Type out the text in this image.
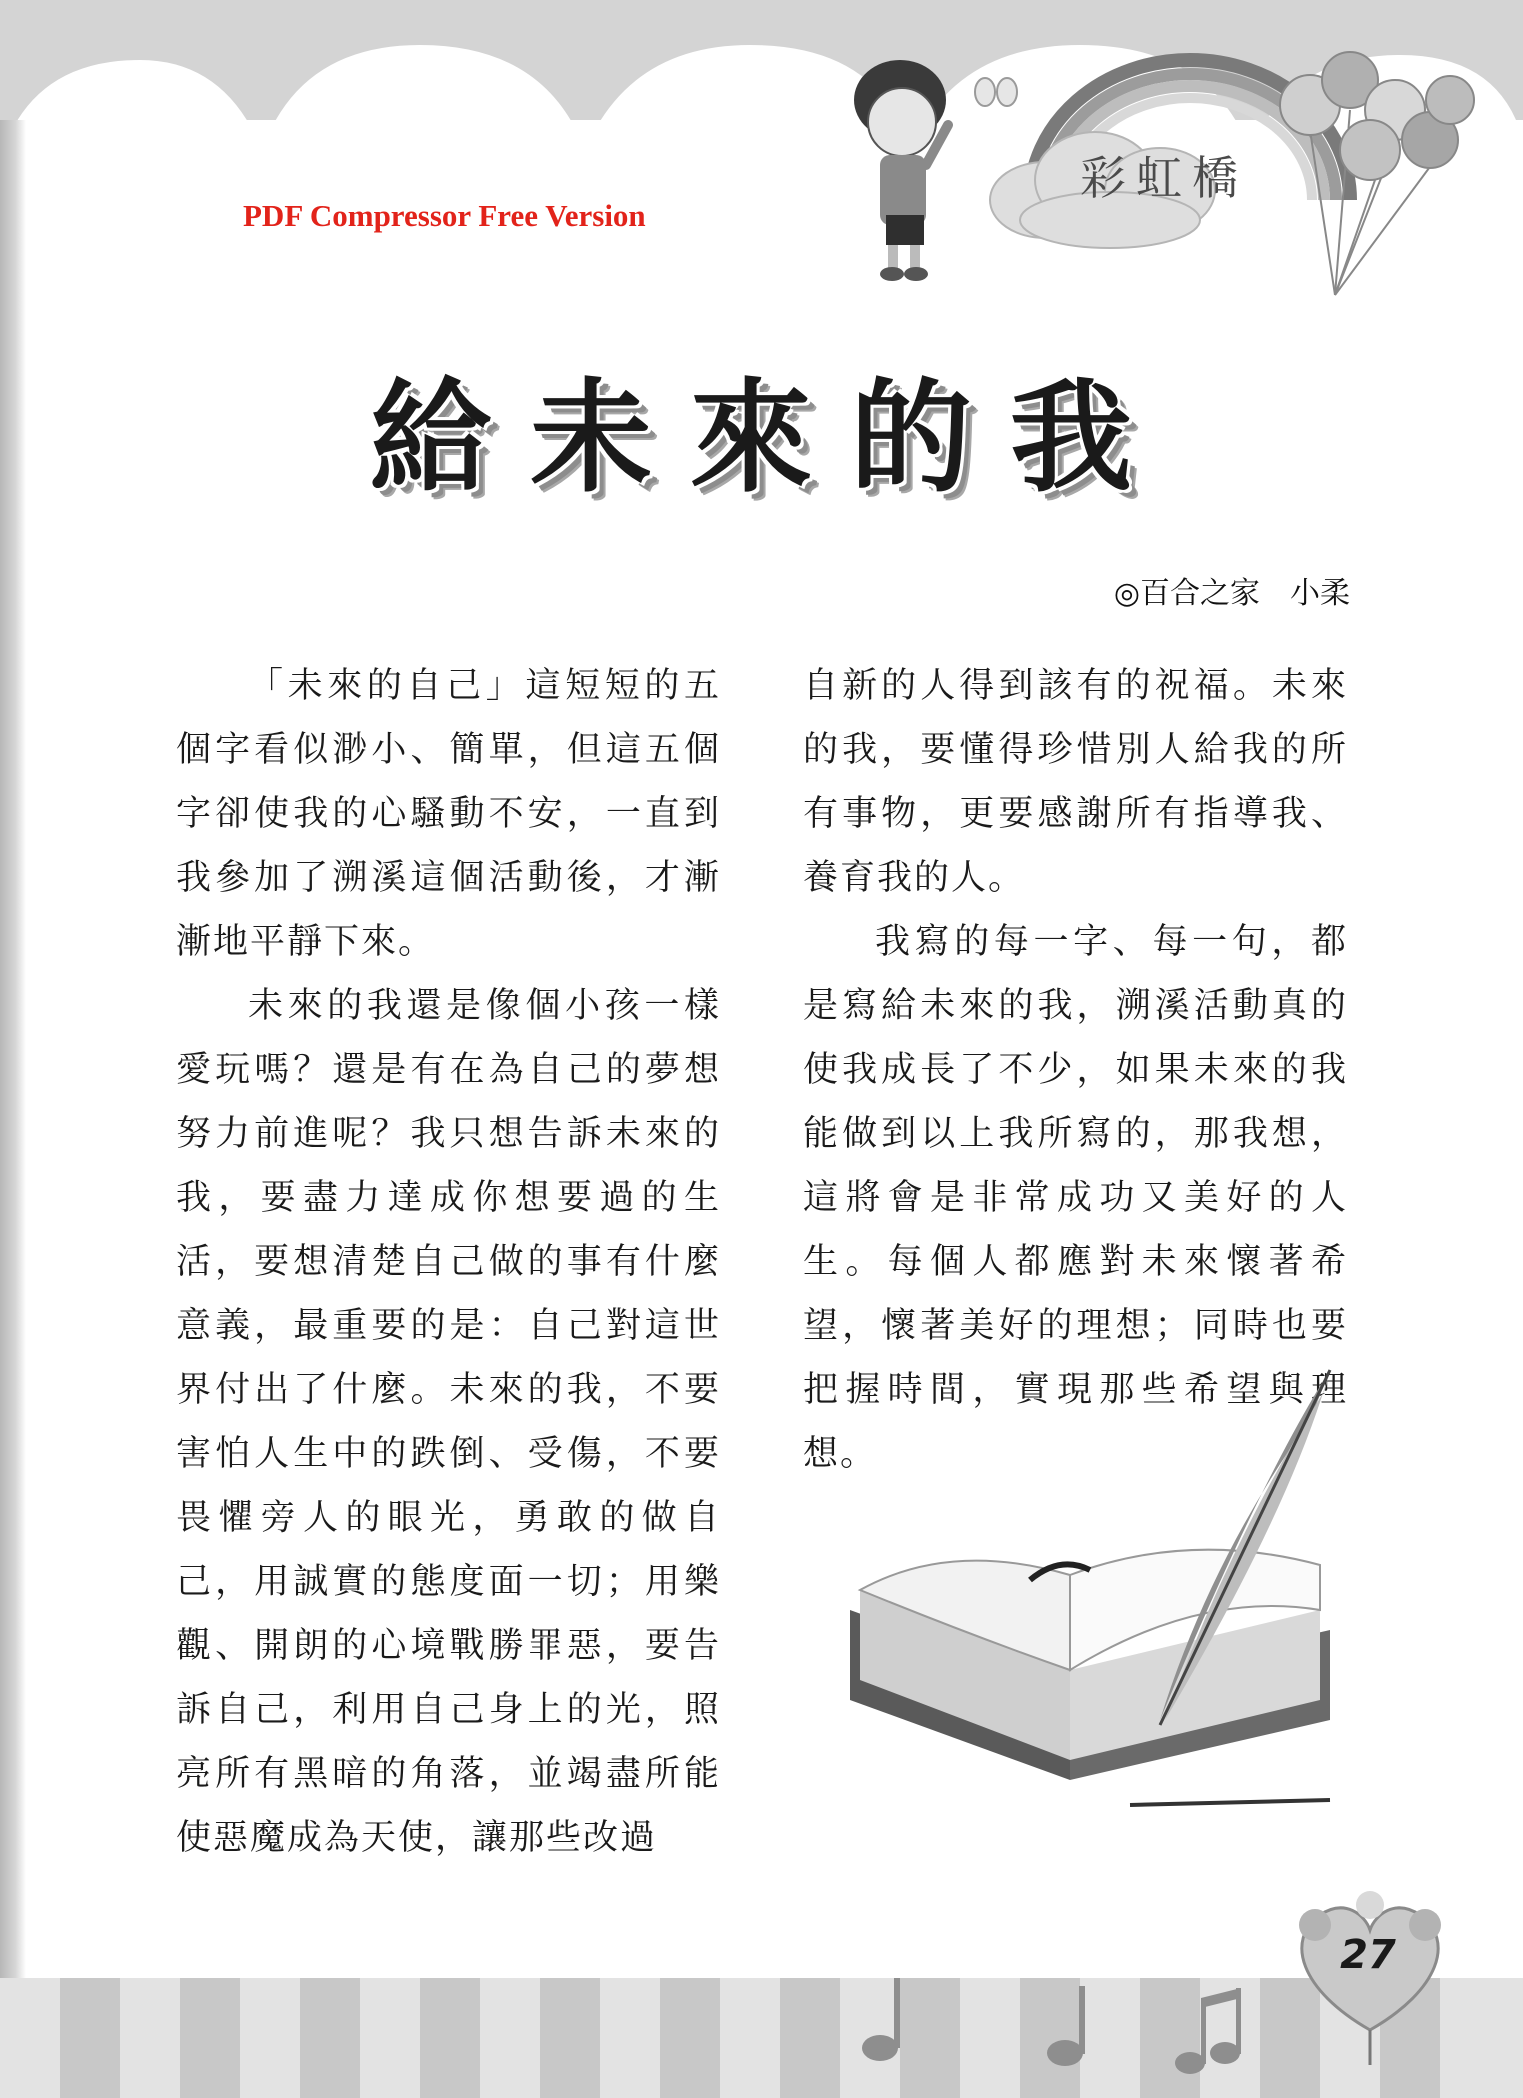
PDF Compressor Free Version
彩虹橋
給未來的我
◎百合之家　小柔

「未來的自己」這短短的五個字看似渺小、簡單，但這五個字卻使我的心騷動不安，一直到我參加了溯溪這個活動後，才漸漸地平靜下來。

未來的我還是像個小孩一樣愛玩嗎？還是有在為自己的夢想努力前進呢？我只想告訴未來的我，要盡力達成你想要過的生活，要想清楚自己做的事有什麼意義，最重要的是：自己對這世界付出了什麼。未來的我，不要害怕人生中的跌倒、受傷，不要畏懼旁人的眼光，勇敢的做自己，用誠實的態度面一切；用樂觀、開朗的心境戰勝罪惡，要告訴自己，利用自己身上的光，照亮所有黑暗的角落，並竭盡所能使惡魔成為天使，讓那些改過

自新的人得到該有的祝福。未來的我，要懂得珍惜別人給我的所有事物，更要感謝所有指導我、養育我的人。

我寫的每一字、每一句，都是寫給未來的我，溯溪活動真的使我成長了不少，如果未來的我能做到以上我所寫的，那我想，這將會是非常成功又美好的人生。每個人都應對未來懷著希望，懷著美好的理想；同時也要把握時間，實現那些希望與理想。

27
